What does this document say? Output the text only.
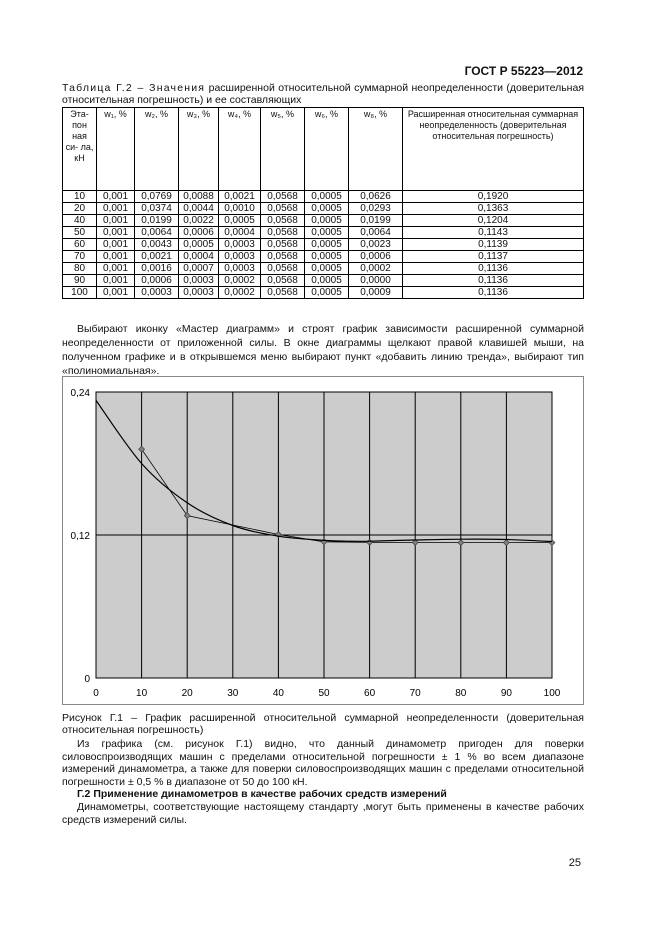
ГОСТ Р 55223—2012
Таблица Г.2 – Значения расширенной относительной суммарной неопределенности (доверительная относительная погрешность) и ее составляющих
Эта- пон ная си- ла, кН	w₁, %	w₂, %	w₃, %	w₄, %	w₅, %	w₆, %	w₈, %	Расширенная относительная суммарная неопределенность (доверительная относительная погрешность)
10	0,001	0,0769	0,0088	0,0021	0,0568	0,0005	0,0626	0,1920
20	0,001	0,0374	0,0044	0,0010	0,0568	0,0005	0,0293	0,1363
40	0,001	0,0199	0,0022	0,0005	0,0568	0,0005	0,0199	0,1204
50	0,001	0,0064	0,0006	0,0004	0,0568	0,0005	0,0064	0,1143
60	0,001	0,0043	0,0005	0,0003	0,0568	0,0005	0,0023	0,1139
70	0,001	0,0021	0,0004	0,0003	0,0568	0,0005	0,0006	0,1137
80	0,001	0,0016	0,0007	0,0003	0,0568	0,0005	0,0002	0,1136
90	0,001	0,0006	0,0003	0,0002	0,0568	0,0005	0,0000	0,1136
100	0,001	0,0003	0,0003	0,0002	0,0568	0,0005	0,0009	0,1136

Выбирают иконку «Мастер диаграмм» и строят график зависимости расширенной суммарной неопределенности от приложенной силы. В окне диаграммы щелкают правой клавишей мыши, на полученном графике и в открывшемся меню выбирают пункт «добавить линию тренда», выбирают тип «полиномиальная».

0	10	20	30	40	50	60	70	80	90	100
0
0,12
0,24

Рисунок Г.1 – График расширенной относительной суммарной неопределенности (доверительная относительная погрешность)

Из графика (см. рисунок Г.1) видно, что данный динамометр пригоден для поверки силовоспроизводящих машин с пределами относительной погрешности ± 1 % во всем диапазоне измерений динамометра, а также для поверки силовоспроизводящих машин с пределами относительной погрешности ± 0,5 % в диапазоне от 50 до 100 кН.

Г.2 Применение динамометров в качестве рабочих средств измерений

Динамометры, соответствующие настоящему стандарту ,могут быть применены в качестве рабочих средств измерений силы.

25
